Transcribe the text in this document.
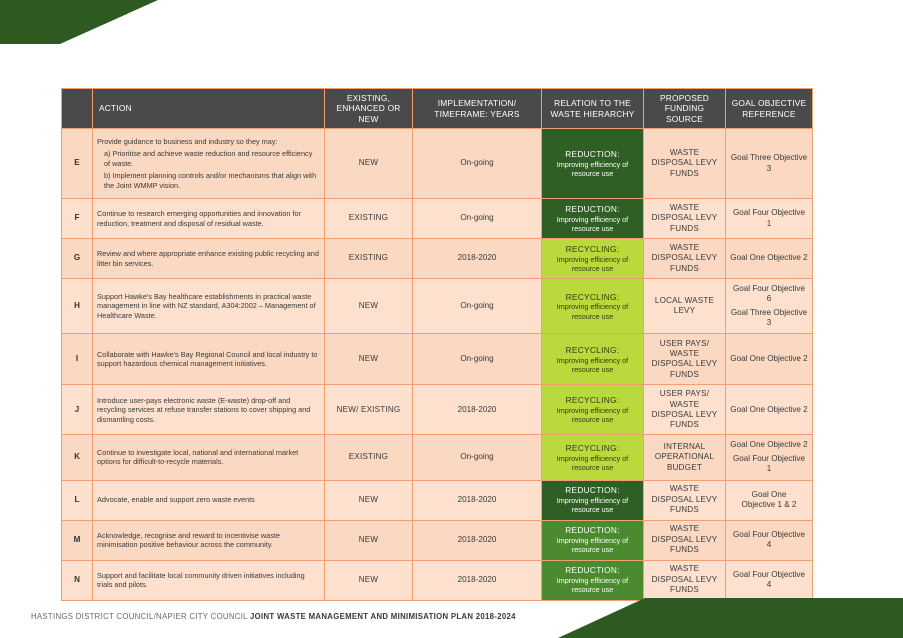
	ACTION	EXISTING, ENHANCED OR NEW	IMPLEMENTATION/ TIMEFRAME: YEARS	RELATION TO THE WASTE HIERARCHY	PROPOSED FUNDING SOURCE	GOAL OBJECTIVE REFERENCE
E	Provide guidance to business and industry so they may:
a) Prioritise and achieve waste reduction and resource efficiency of waste.
b) Implement planning controls and/or mechanisms that align with the Joint WMMP vision.	NEW	On-going	REDUCTION:
Improving efficiency of resource use	WASTE DISPOSAL LEVY FUNDS	Goal Three Objective 3

F	Continue to research emerging opportunities and innovation for reduction, treatment and disposal of residual waste.	EXISTING	On-going	REDUCTION:
Improving efficiency of resource use	WASTE DISPOSAL LEVY FUNDS	Goal Four Objective 1

G	Review and where appropriate enhance existing public recycling and litter bin services.	EXISTING	2018-2020	RECYCLING:
Improving efficiency of resource use	WASTE DISPOSAL LEVY FUNDS	Goal One Objective 2

H	Support Hawke's Bay healthcare establishments in practical waste management in line with NZ standard, A304:2002 – Management of Healthcare Waste.	NEW	On-going	RECYCLING:
Improving efficiency of resource use	LOCAL WASTE LEVY	Goal Four Objective 6
Goal Three Objective 3

I	Collaborate with Hawke's Bay Regional Council and local industry to support hazardous chemical management initiatives.	NEW	On-going	RECYCLING:
Improving efficiency of resource use	USER PAYS/ WASTE DISPOSAL LEVY FUNDS	Goal One Objective 2

J	Introduce user-pays electronic waste (E-waste) drop-off and recycling services at refuse transfer stations to cover shipping and dismantling costs.	NEW/ EXISTING	2018-2020	RECYCLING:
Improving efficiency of resource use	USER PAYS/ WASTE DISPOSAL LEVY FUNDS	Goal One Objective 2

K	Continue to investigate local, national and international market options for difficult-to-recycle materials.	EXISTING	On-going	RECYCLING:
Improving efficiency of resource use	INTERNAL OPERATIONAL BUDGET	Goal One Objective 2
Goal Four Objective 1

L	Advocate, enable and support zero waste events	NEW	2018-2020	REDUCTION:
Improving efficiency of resource use	WASTE DISPOSAL LEVY FUNDS	Goal One Objective 1 & 2

M	Acknowledge, recognise and reward to incentivise waste minimisation positive behaviour across the community.	NEW	2018-2020	REDUCTION:
Improving efficiency of resource use	WASTE DISPOSAL LEVY FUNDS	Goal Four Objective 4

N	Support and facilitate local community driven initiatives including trials and pilots.	NEW	2018-2020	REDUCTION:
Improving efficiency of resource use	WASTE DISPOSAL LEVY FUNDS	Goal Four Objective 4
HASTINGS DISTRICT COUNCIL/NAPIER CITY COUNCIL JOINT WASTE MANAGEMENT AND MINIMISATION PLAN 2018-2024
